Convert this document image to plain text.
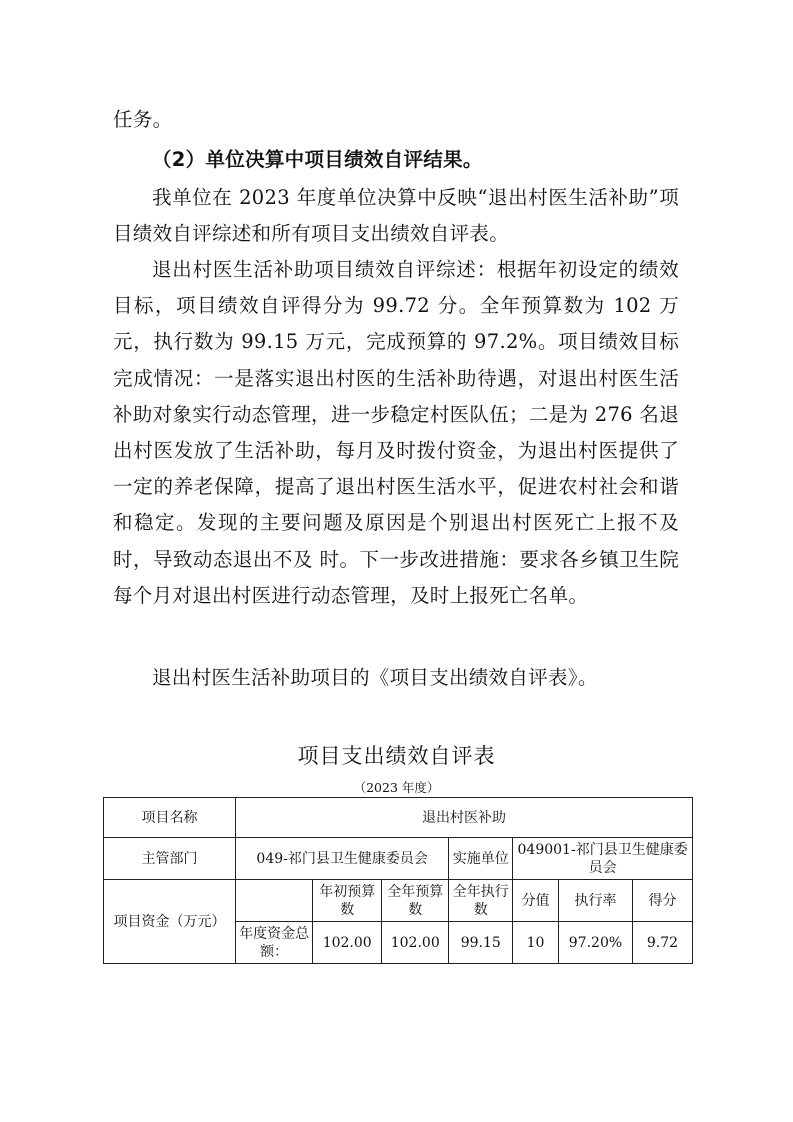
任务。

（2）单位决算中项目绩效自评结果。

我单位在 2023 年度单位决算中反映“退出村医生活补助”项目绩效自评综述和所有项目支出绩效自评表。

退出村医生活补助项目绩效自评综述：根据年初设定的绩效目标，项目绩效自评得分为 99.72 分。全年预算数为 102 万元，执行数为 99.15 万元，完成预算的 97.2%。项目绩效目标完成情况：一是落实退出村医的生活补助待遇，对退出村医生活补助对象实行动态管理，进一步稳定村医队伍；二是为 276 名退出村医发放了生活补助，每月及时拨付资金，为退出村医提供了一定的养老保障，提高了退出村医生活水平，促进农村社会和谐和稳定。发现的主要问题及原因是个别退出村医死亡上报不及时，导致动态退出不及 时。下一步改进措施：要求各乡镇卫生院每个月对退出村医进行动态管理，及时上报死亡名单。

退出村医生活补助项目的《项目支出绩效自评表》。

项目支出绩效自评表

（2023 年度）

项目名称	退出村医补助						
主管部门	049-祁门县卫生健康委员会			实施单位	049001-祁门县卫生健康委员会		
项目资金（万元）		年初预算数	全年预算数	全年执行数	分值	执行率	得分
	年度资金总额：	102.00	102.00	99.15	10	97.20%	9.72
